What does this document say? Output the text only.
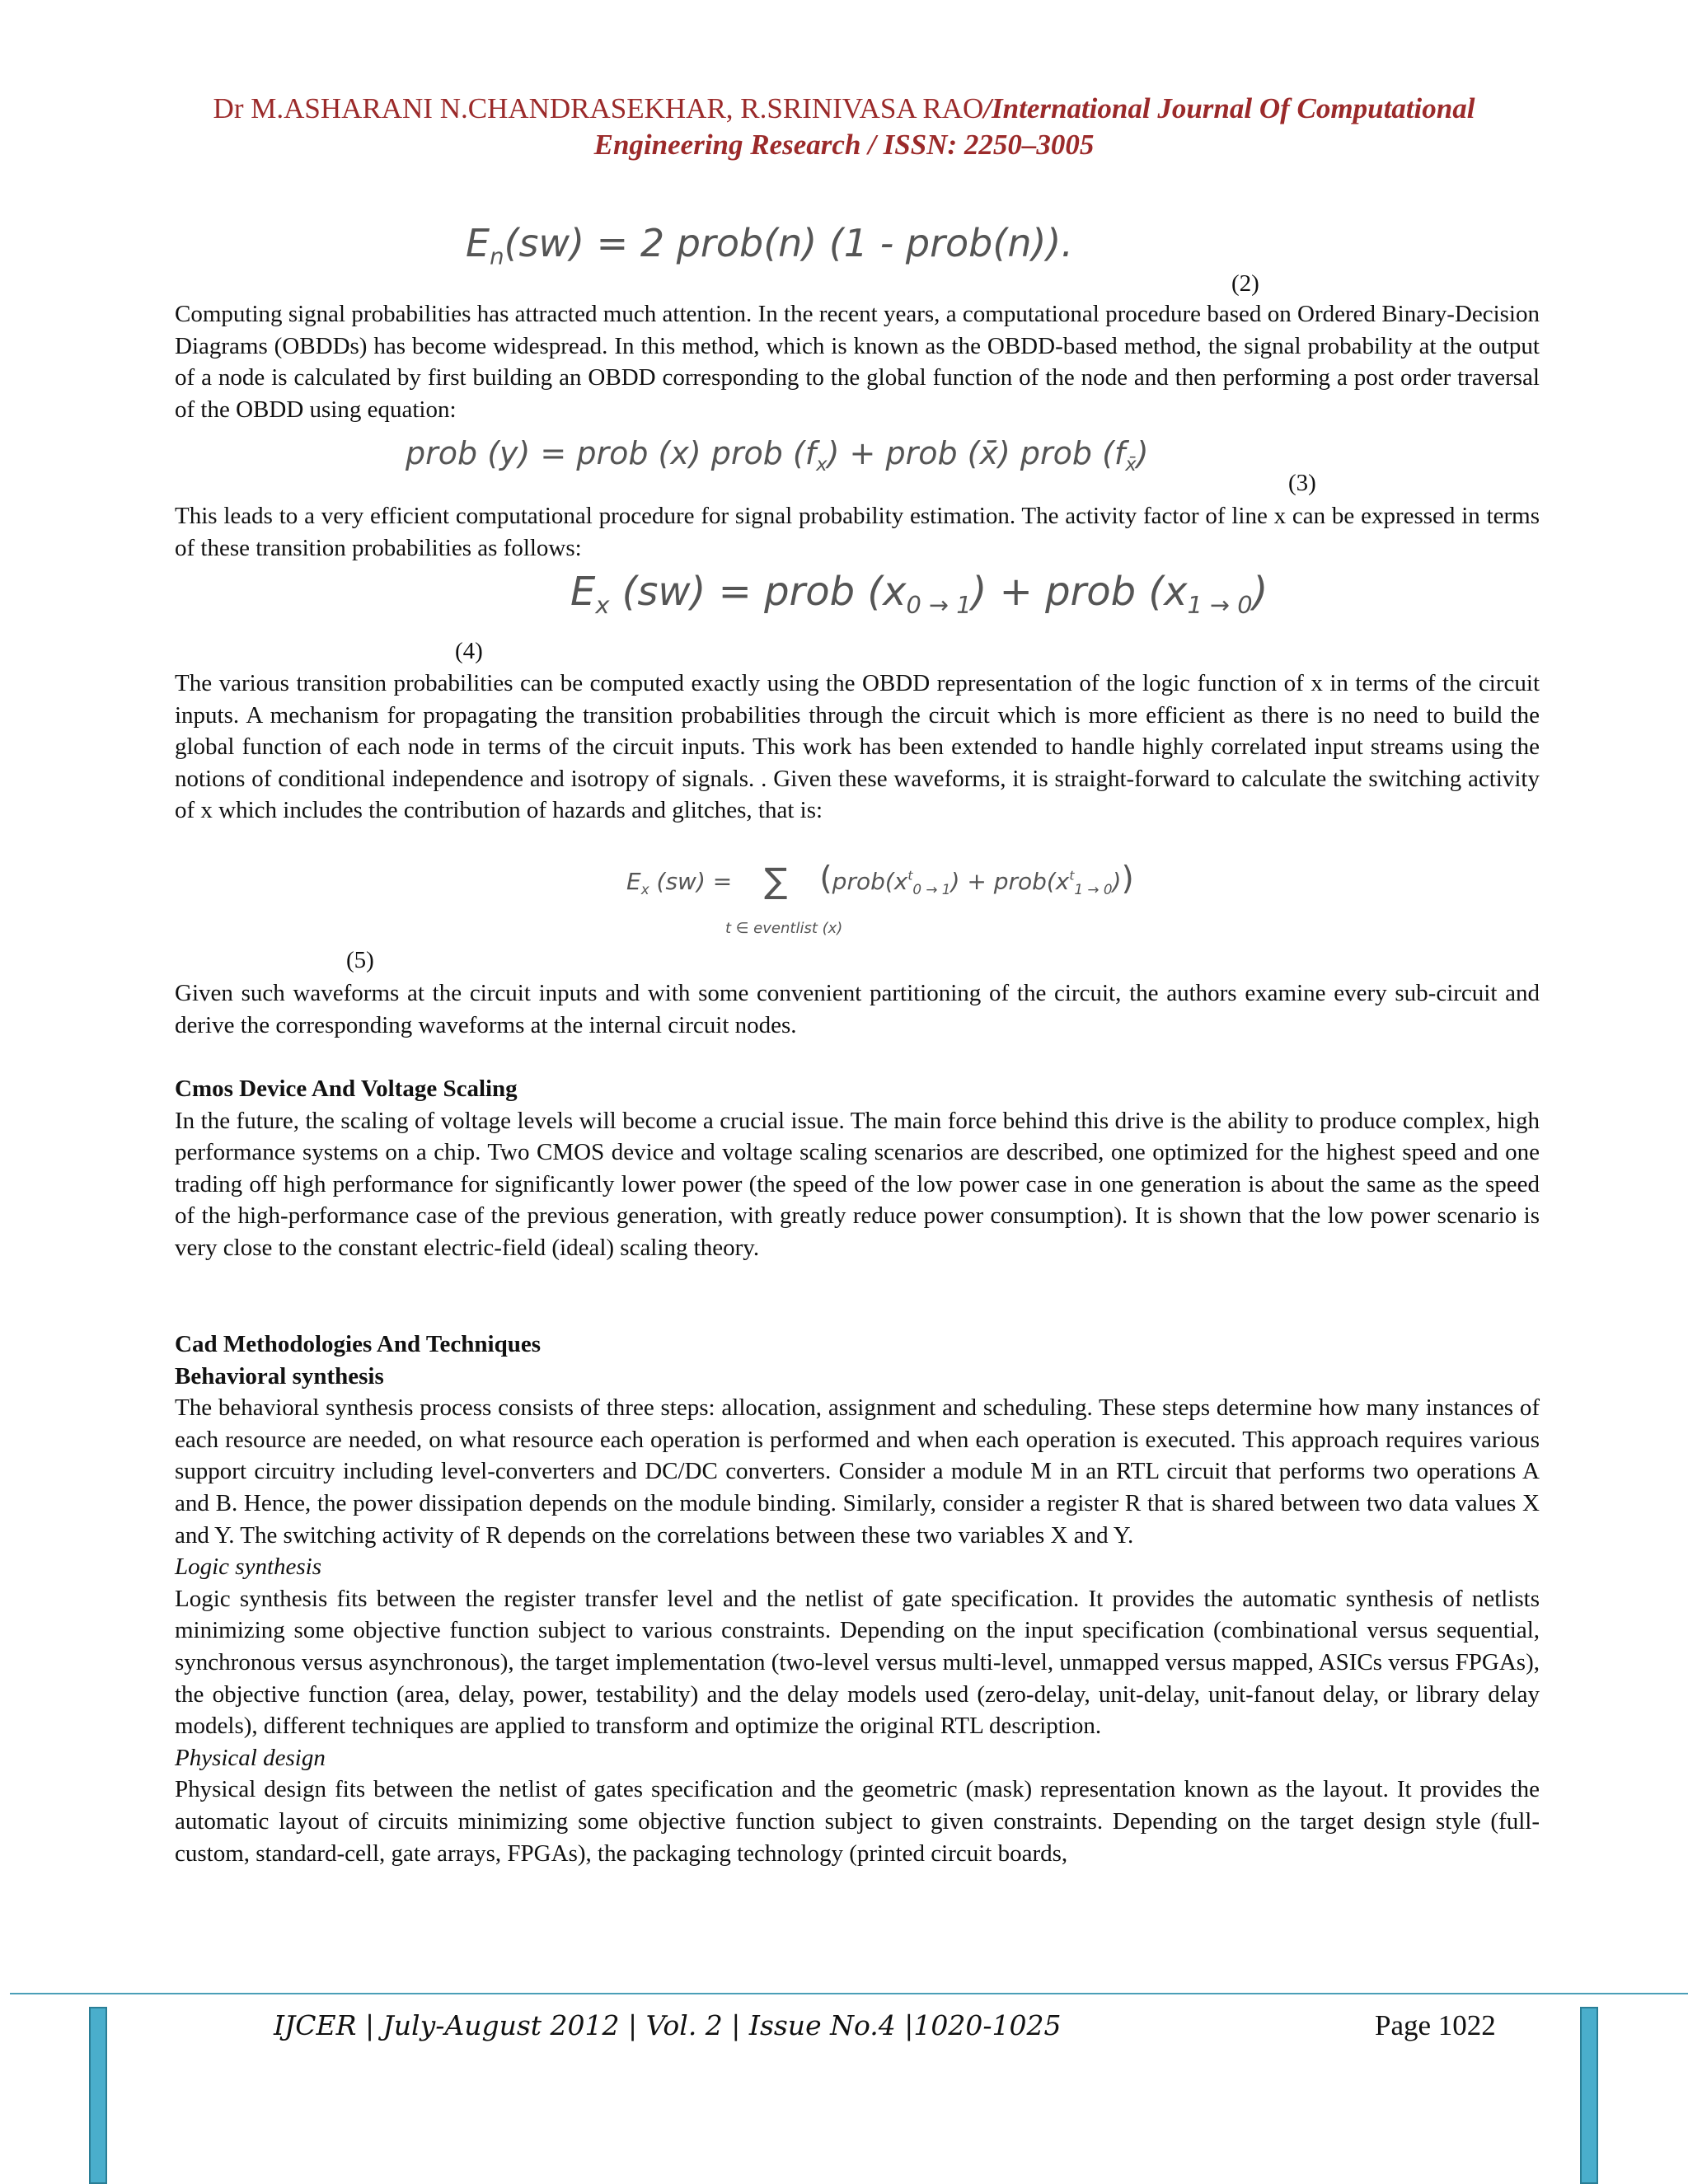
Dr M.ASHARANI N.CHANDRASEKHAR, R.SRINIVASA RAO/International Journal Of Computational
Engineering Research / ISSN: 2250–3005
$E_n(sw) = 2$ prob(n) (1 - prob(n)).
(2)

Computing signal probabilities has attracted much attention. In the recent years, a computational procedure based on Ordered Binary-Decision Diagrams (OBDDs) has become widespread. In this method, which is known as the OBDD-based method, the signal probability at the output of a node is calculated by first building an OBDD corresponding to the global function of the node and then performing a post order traversal of the OBDD using equation:

prob (y) = prob (x) prob $(f_x)$ + prob (x̄) prob $(f_{x̄})$
(3)

This leads to a very efficient computational procedure for signal probability estimation. The activity factor of line x can be expressed in terms of these transition probabilities as follows:

$E_x$ (sw) = prob $(x_{0 \to 1})$ + prob $(x_{1 \to 0})$
(4)

The various transition probabilities can be computed exactly using the OBDD representation of the logic function of x in terms of the circuit inputs. A mechanism for propagating the transition probabilities through the circuit which is more efficient as there is no need to build the global function of each node in terms of the circuit inputs. This work has been extended to handle highly correlated input streams using the notions of conditional independence and isotropy of signals. . Given these waveforms, it is straight-forward to calculate the switching activity of x which includes the contribution of hazards and glitches, that is:

$E_x$ (sw) = ∑ ($prob(x^t_{0 \to 1})$ + $prob(x^t_{1 \to 0})$)
t ∈ eventlist (x)
(5)

Given such waveforms at the circuit inputs and with some convenient partitioning of the circuit, the authors examine every sub-circuit and derive the corresponding waveforms at the internal circuit nodes.

Cmos Device And Voltage Scaling

In the future, the scaling of voltage levels will become a crucial issue. The main force behind this drive is the ability to produce complex, high performance systems on a chip. Two CMOS device and voltage scaling scenarios are described, one optimized for the highest speed and one trading off high performance for significantly lower power (the speed of the low power case in one generation is about the same as the speed of the high-performance case of the previous generation, with greatly reduce power consumption). It is shown that the low power scenario is very close to the constant electric-field (ideal) scaling theory.

Cad Methodologies And Techniques

Behavioral synthesis

The behavioral synthesis process consists of three steps: allocation, assignment and scheduling. These steps determine how many instances of each resource are needed, on what resource each operation is performed and when each operation is executed. This approach requires various support circuitry including level-converters and DC/DC converters. Consider a module M in an RTL circuit that performs two operations A and B. Hence, the power dissipation depends on the module binding. Similarly, consider a register R that is shared between two data values X and Y. The switching activity of R depends on the correlations between these two variables X and Y.

Logic synthesis

Logic synthesis fits between the register transfer level and the netlist of gate specification. It provides the automatic synthesis of netlists minimizing some objective function subject to various constraints. Depending on the input specification (combinational versus sequential, synchronous versus asynchronous), the target implementation (two-level versus multi-level, unmapped versus mapped, ASICs versus FPGAs), the objective function (area, delay, power, testability) and the delay models used (zero-delay, unit-delay, unit-fanout delay, or library delay models), different techniques are applied to transform and optimize the original RTL description.

Physical design

Physical design fits between the netlist of gates specification and the geometric (mask) representation known as the layout. It provides the automatic layout of circuits minimizing some objective function subject to given constraints. Depending on the target design style (full-custom, standard-cell, gate arrays, FPGAs), the packaging technology (printed circuit boards,

IJCER | July-August 2012 | Vol. 2 | Issue No.4 |1020-1025	Page 1022
